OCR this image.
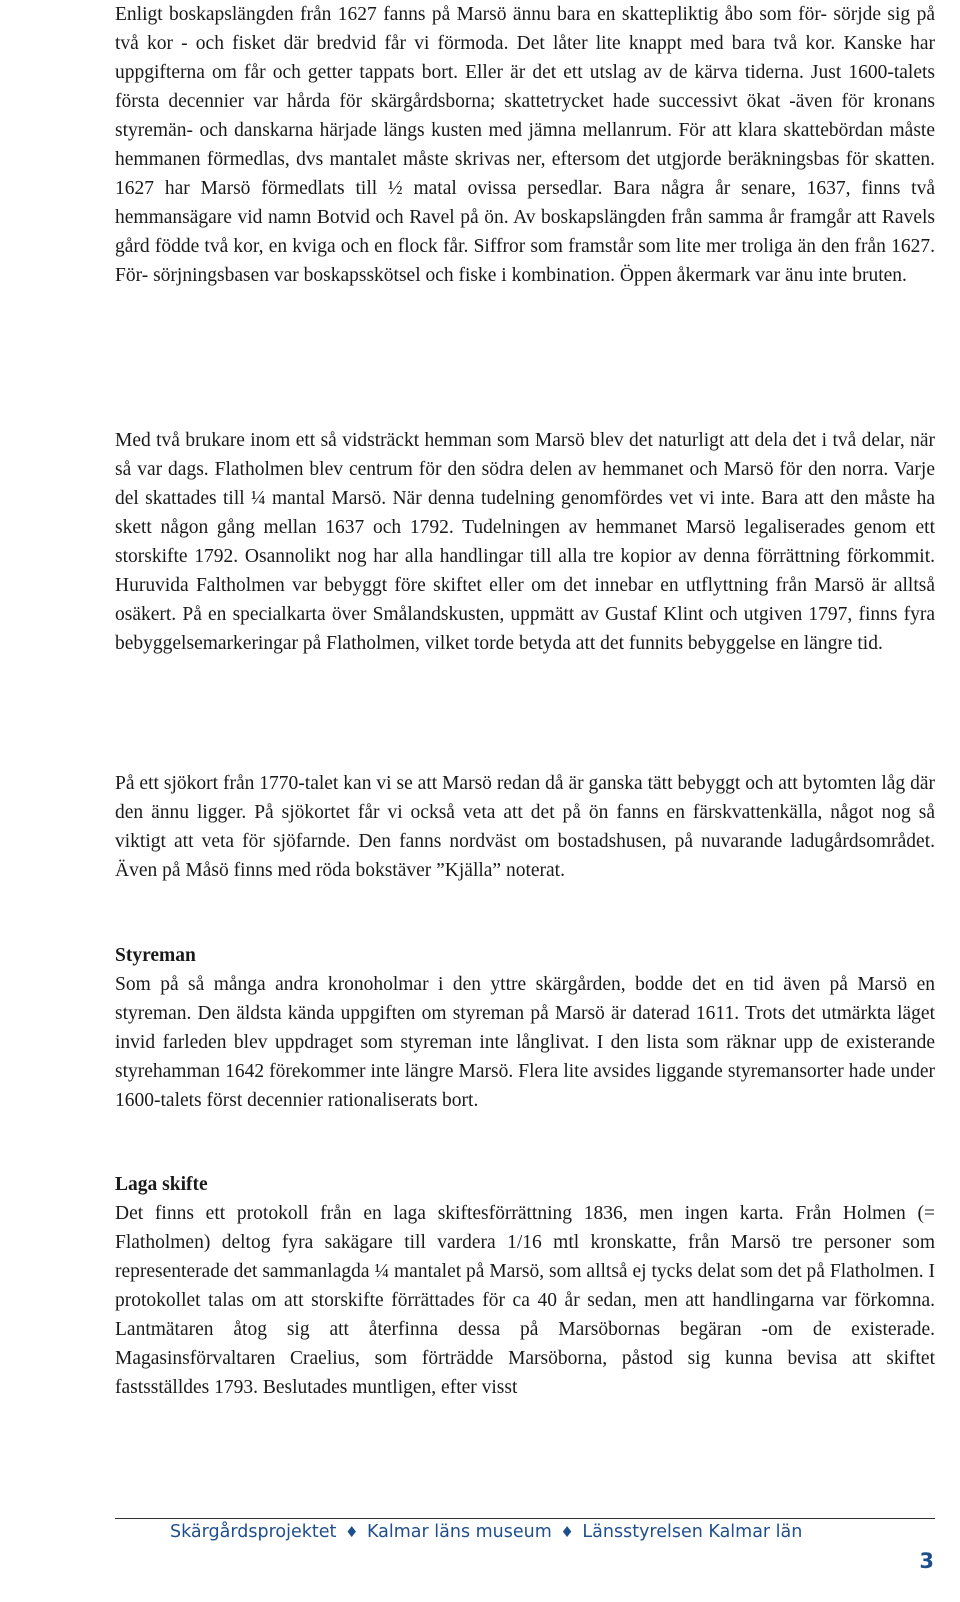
Enligt boskapslängden från 1627 fanns på Marsö ännu bara en skattepliktig åbo som för- sörjde sig på två kor - och fisket där bredvid får vi förmoda. Det låter lite knappt med bara två kor. Kanske har uppgifterna om får och getter tappats bort. Eller är det ett utslag av de kärva tiderna. Just 1600-talets första decennier var hårda för skärgårdsborna; skattetrycket hade successivt ökat -även för kronans styremän- och danskarna härjade längs kusten med jämna mellanrum. För att klara skattebördan måste hemmanen förmedlas, dvs mantalet måste skrivas ner, eftersom det utgjorde beräkningsbas för skatten. 1627 har Marsö förmedlats till ½ matal ovissa persedlar. Bara några år senare, 1637, finns två hemmansägare vid namn Botvid och Ravel på ön. Av boskapslängden från samma år framgår att Ravels gård födde två kor, en kviga och en flock får. Siffror som framstår som lite mer troliga än den från 1627. För- sörjningsbasen var boskapsskötsel och fiske i kombination. Öppen åkermark var änu inte bruten.

Med två brukare inom ett så vidsträckt hemman som Marsö blev det naturligt att dela det i två delar, när så var dags. Flatholmen blev centrum för den södra delen av hemmanet och Marsö för den norra. Varje del skattades till ¼ mantal Marsö. När denna tudelning genomfördes vet vi inte. Bara att den måste ha skett någon gång mellan 1637 och 1792. Tudelningen av hemmanet Marsö legaliserades genom ett storskifte 1792. Osannolikt nog har alla handlingar till alla tre kopior av denna förrättning förkommit. Huruvida Faltholmen var bebyggt före skiftet eller om det innebar en utflyttning från Marsö är alltså osäkert. På en specialkarta över Smålandskusten, uppmätt av Gustaf Klint och utgiven 1797, finns fyra bebyggelsemarkeringar på Flatholmen, vilket torde betyda att det funnits bebyggelse en längre tid.

På ett sjökort från 1770-talet kan vi se att Marsö redan då är ganska tätt bebyggt och att bytomten låg där den ännu ligger. På sjökortet får vi också veta att det på ön fanns en färskvattenkälla, något nog så viktigt att veta för sjöfarnde. Den fanns nordväst om bostadshusen, på nuvarande ladugårdsområdet. Även på Måsö finns med röda bokstäver ”Kjälla” noterat.

Styreman

Som på så många andra kronoholmar i den yttre skärgården, bodde det en tid även på Marsö en styreman. Den äldsta kända uppgiften om styreman på Marsö är daterad 1611. Trots det utmärkta läget invid farleden blev uppdraget som styreman inte långlivat. I den lista som räknar upp de existerande styrehamman 1642 förekommer inte längre Marsö. Flera lite avsides liggande styremansorter hade under 1600-talets först decennier rationaliserats bort.

Laga skifte

Det finns ett protokoll från en laga skiftesförrättning 1836, men ingen karta. Från Holmen (= Flatholmen) deltog fyra sakägare till vardera 1/16 mtl kronskatte, från Marsö tre personer som representerade det sammanlagda ¼ mantalet på Marsö, som alltså ej tycks delat som det på Flatholmen. I protokollet talas om att storskifte förrättades för ca 40 år sedan, men att handlingarna var förkomna. Lantmätaren åtog sig att återfinna dessa på Marsöbornas begäran -om de existerade. Magasinsförvaltaren Craelius, som förträdde Marsöborna, påstod sig kunna bevisa att skiftet fastsställdes 1793. Beslutades muntligen, efter visst

Skärgårdsprojektet ♦ Kalmar läns museum ♦ Länsstyrelsen Kalmar län
3
